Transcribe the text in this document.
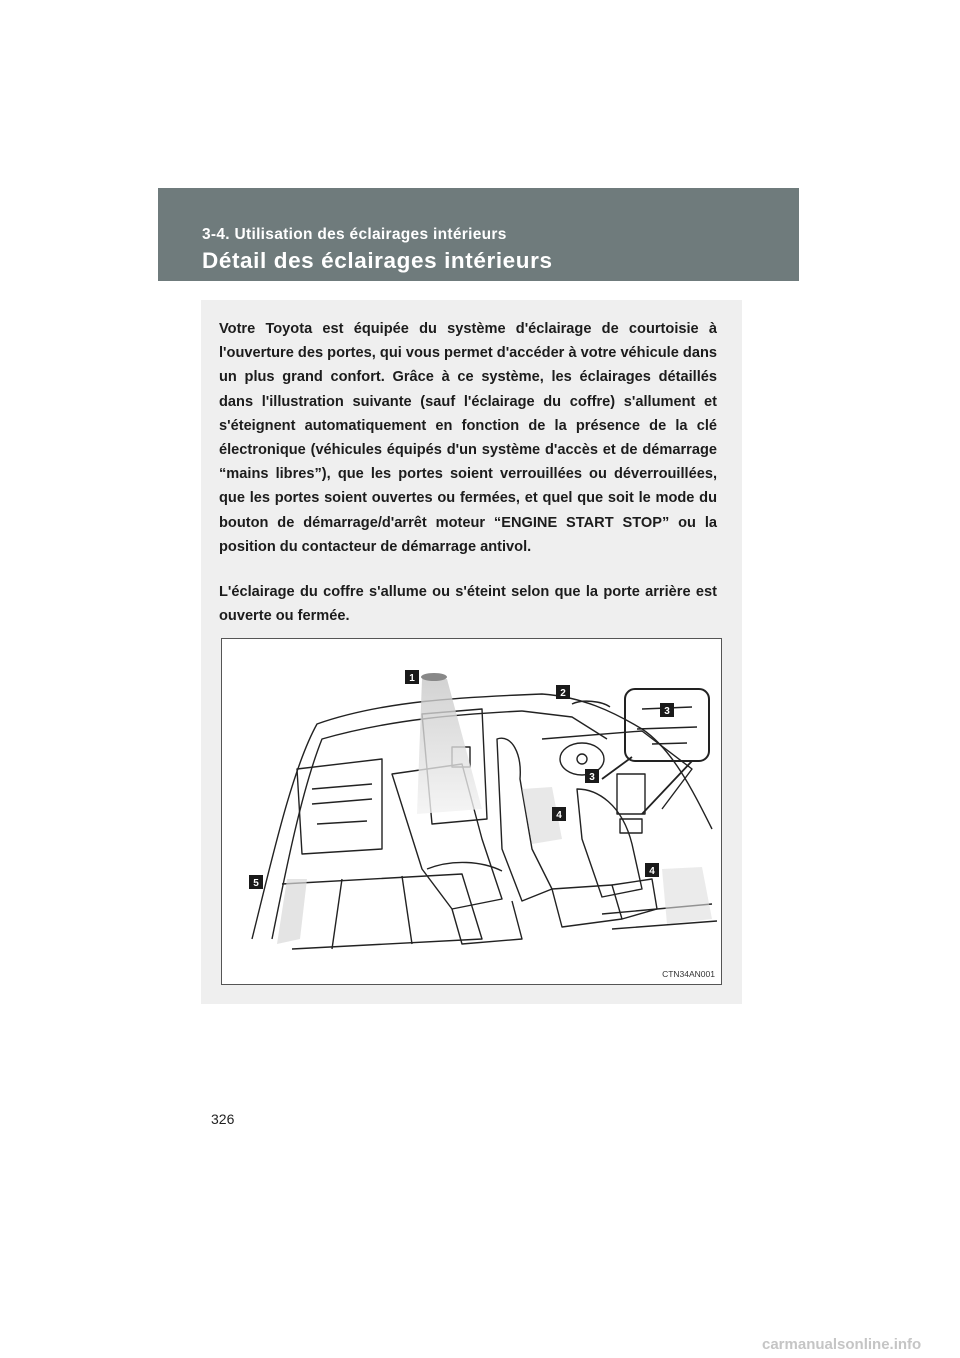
3-4. Utilisation des éclairages intérieurs
Détail des éclairages intérieurs

Votre Toyota est équipée du système d'éclairage de courtoisie à l'ouverture des portes, qui vous permet d'accéder à votre véhicule dans un plus grand confort. Grâce à ce système, les éclairages détaillés dans l'illustration suivante (sauf l'éclairage du coffre) s'allument et s'éteignent automatiquement en fonction de la présence de la clé électronique (véhicules équipés d'un système d'accès et de démarrage “mains libres”), que les portes soient verrouillées ou déverrouillées, que les portes soient ouvertes ou fermées, et quel que soit le mode du bouton de démarrage/d'arrêt moteur “ENGINE START STOP” ou la position du contacteur de démarrage antivol.

L'éclairage du coffre s'allume ou s'éteint selon que la porte arrière est ouverte ou fermée.

1
2
3
3
4
4
5
CTN34AN001
326
carmanualsonline.info
